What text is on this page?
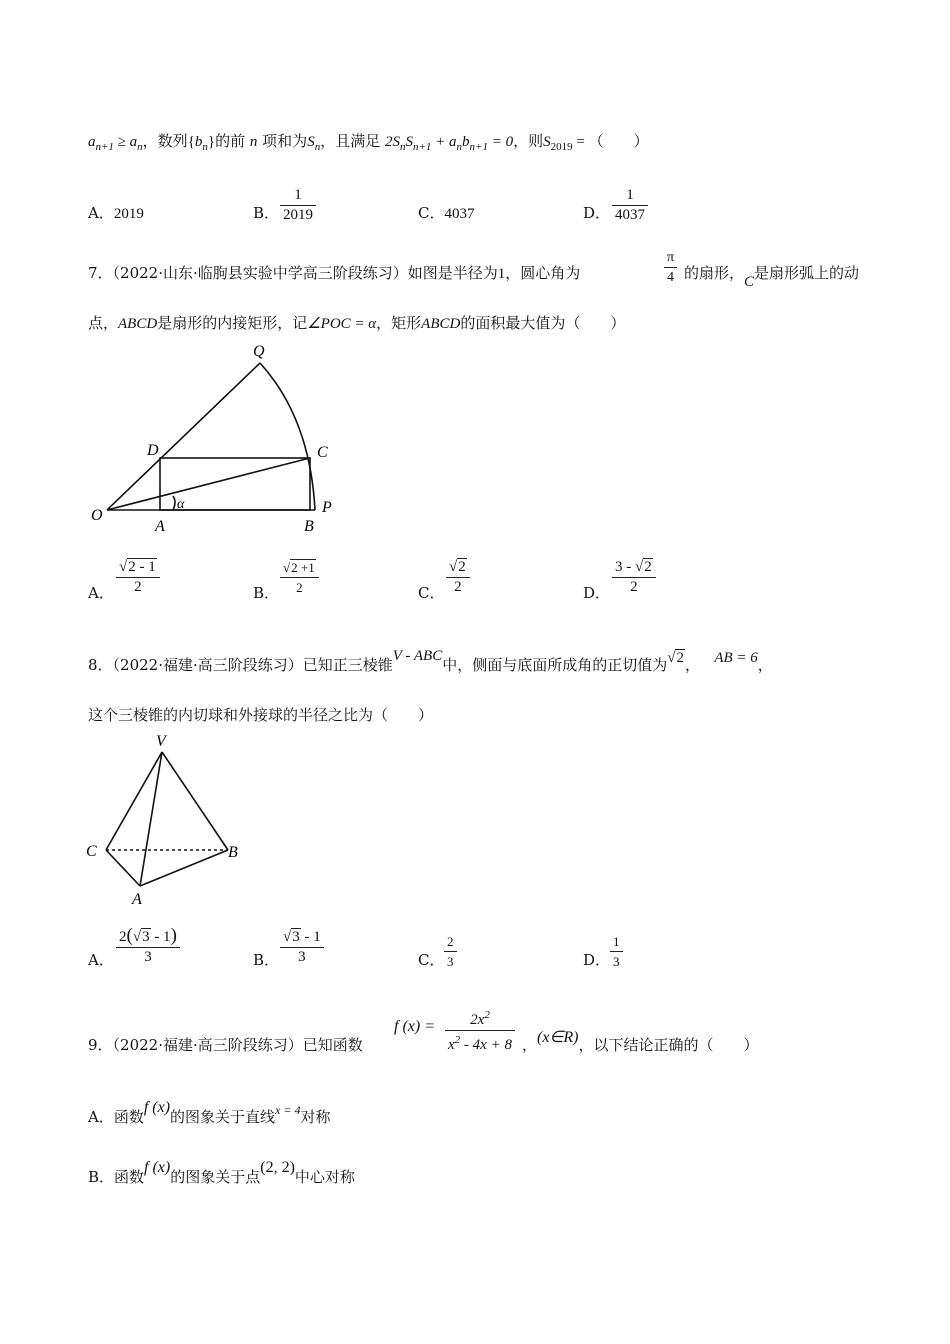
$a_{n+1} \ge a_n$，数列$\{b_n\}$的前 n 项和为$S_n$，且满足 $2S_nS_{n+1} + a_nb_{n+1} = 0$，则$S_{2019}$ = （　　）
A．2019	B．
1
2019	C．4037	D．
1
4037
7．（2022·山东·临朐县实验中学高三阶段练习）如图是半径为1，圆心角为
π
4 的扇形，C是扇形弧上的动
点，ABCD是扇形的内接矩形，记∠POC = α，矩形ABCD的面积最大值为（　　）
Q
D	C
O
A	B
P
α
A．
√2 - 1
2	B．
√2 +1
2	C．
√2
2	D．
3 - √2
2
8．（2022·福建·高三阶段练习）已知正三棱锥V - ABC中，侧面与底面所成角的正切值为√2， AB = 6，
这个三棱锥的内切球和外接球的半径之比为（　　）
V
C	B
A
A．
2(√3 - 1)
3	B．
√3 - 1
3	C．
2
3	D．
1
3
9．（2022·福建·高三阶段练习）已知函数
f $(x) = 2x^2$
$x^2 - 4x + 8$ ，(x∈R)，以下结论正确的（　　）
A．函数f (x)的图象关于直线$^{x = 4}$对称
B．函数f (x)的图象关于点(2, 2)中心对称
